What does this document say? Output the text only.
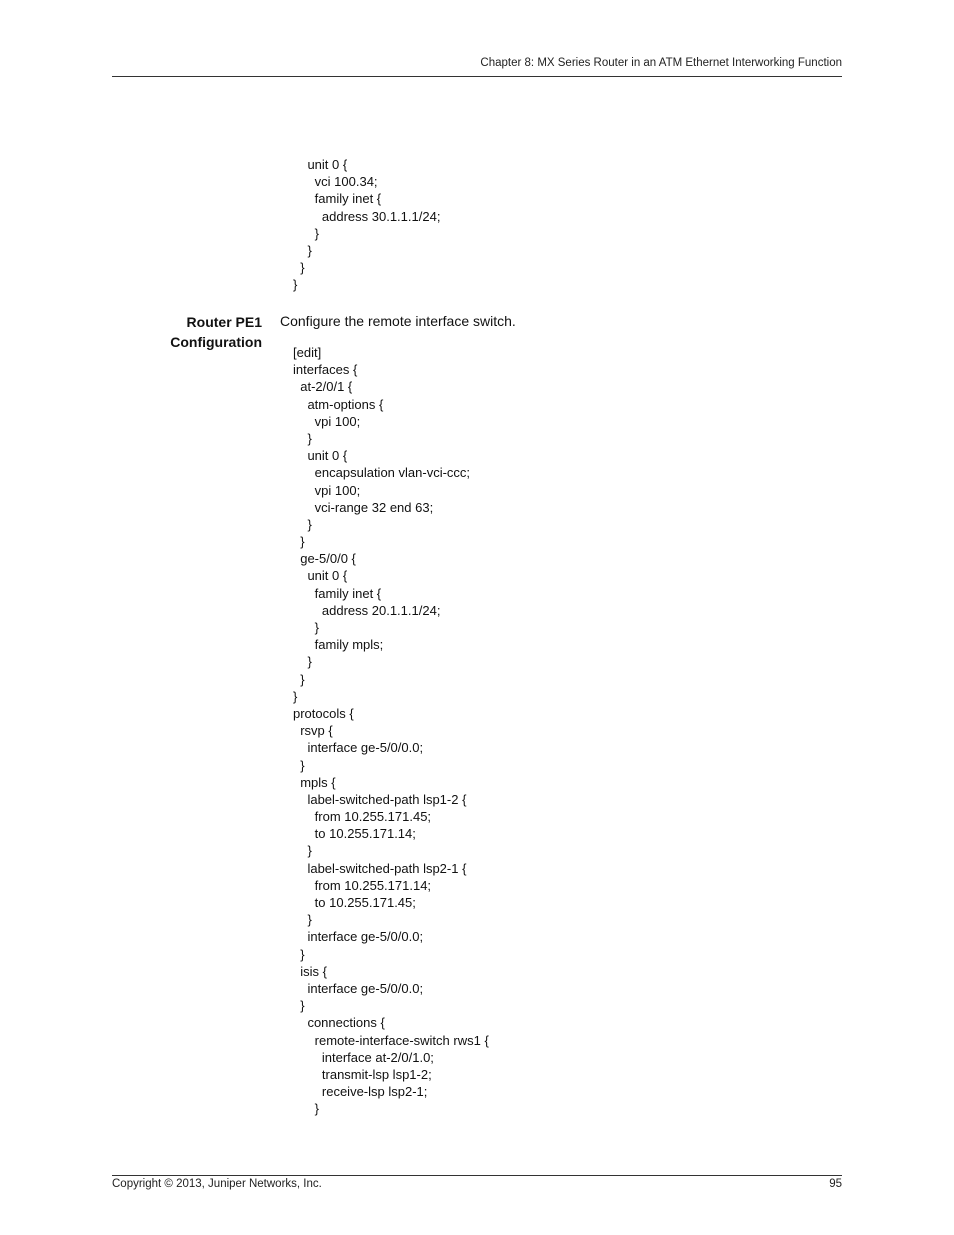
Chapter 8: MX Series Router in an ATM Ethernet Interworking Function
unit 0 {
vci 100.34;
family inet {
address 30.1.1.1/24;
}
}
}
}
Router PE1
Configuration
Configure the remote interface switch.
[edit]
interfaces {
at-2/0/1 {
atm-options {
vpi 100;
}
unit 0 {
encapsulation vlan-vci-ccc;
vpi 100;
vci-range 32 end 63;
}
}
ge-5/0/0 {
unit 0 {
family inet {
address 20.1.1.1/24;
}
family mpls;
}
}
}
protocols {
rsvp {
interface ge-5/0/0.0;
}
mpls {
label-switched-path lsp1-2 {
from 10.255.171.45;
to 10.255.171.14;
}
label-switched-path lsp2-1 {
from 10.255.171.14;
to 10.255.171.45;
}
interface ge-5/0/0.0;
}
isis {
interface ge-5/0/0.0;
}
connections {
remote-interface-switch rws1 {
interface at-2/0/1.0;
transmit-lsp lsp1-2;
receive-lsp lsp2-1;
}
Copyright © 2013, Juniper Networks, Inc.	95
